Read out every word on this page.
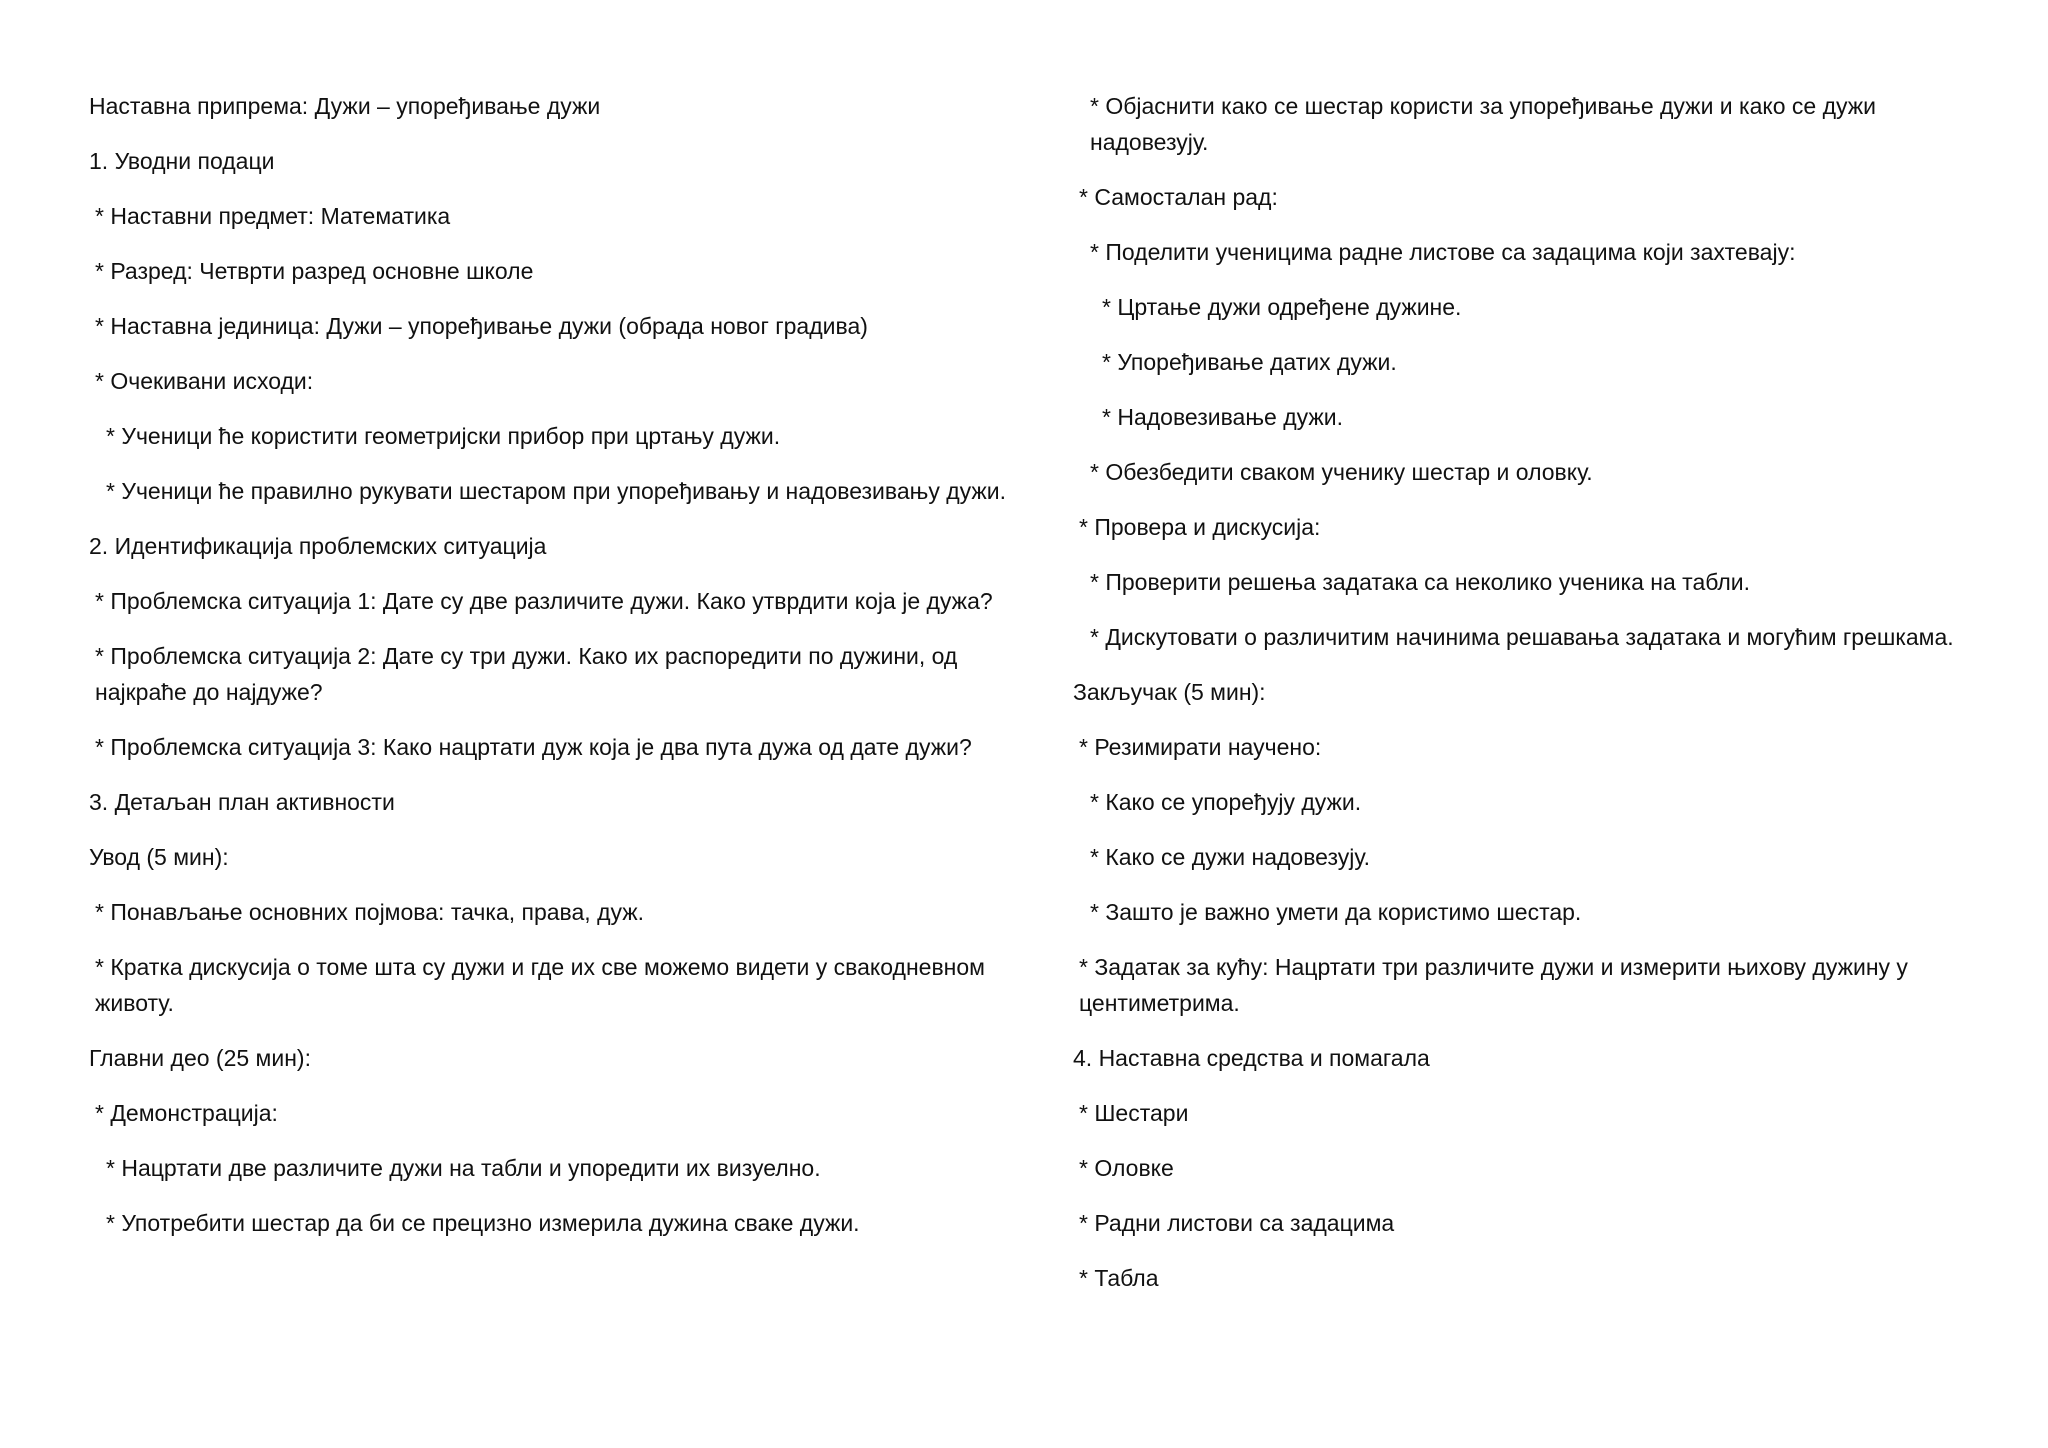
Наставна припрема: Дужи – упоређивање дужи

1. Уводни подаци

* Наставни предмет: Математика

* Разред: Четврти разред основне школе

* Наставна јединица: Дужи – упоређивање дужи (обрада новог градива)

* Очекивани исходи:

* Ученици ће користити геометријски прибор при цртању дужи.

* Ученици ће правилно рукувати шестаром при упоређивању и надовезивању дужи.

2. Идентификација проблемских ситуација

* Проблемска ситуација 1: Дате су две различите дужи. Како утврдити која је дужа?

* Проблемска ситуација 2: Дате су три дужи. Како их распоредити по дужини, од најкраће до најдуже?

* Проблемска ситуација 3: Како нацртати дуж која је два пута дужа од дате дужи?

3. Детаљан план активности

Увод (5 мин):

* Понављање основних појмова: тачка, права, дуж.

* Кратка дискусија о томе шта су дужи и где их све можемо видети у свакодневном животу.

Главни део (25 мин):

* Демонстрација:

* Нацртати две различите дужи на табли и упоредити их визуелно.

* Употребити шестар да би се прецизно измерила дужина сваке дужи.

* Објаснити како се шестар користи за упоређивање дужи и како се дужи надовезују.

* Самосталан рад:

* Поделити ученицима радне листове са задацима који захтевају:

* Цртање дужи одређене дужине.

* Упоређивање датих дужи.

* Надовезивање дужи.

* Обезбедити сваком ученику шестар и оловку.

* Провера и дискусија:

* Проверити решења задатака са неколико ученика на табли.

* Дискутовати о различитим начинима решавања задатака и могућим грешкама.

Закључак (5 мин):

* Резимирати научено:

* Како се упоређују дужи.

* Како се дужи надовезују.

* Зашто је важно умети да користимо шестар.

* Задатак за кућу: Нацртати три различите дужи и измерити њихову дужину у центиметрима.

4. Наставна средства и помагала

* Шестари

* Оловке

* Радни листови са задацима

* Табла
